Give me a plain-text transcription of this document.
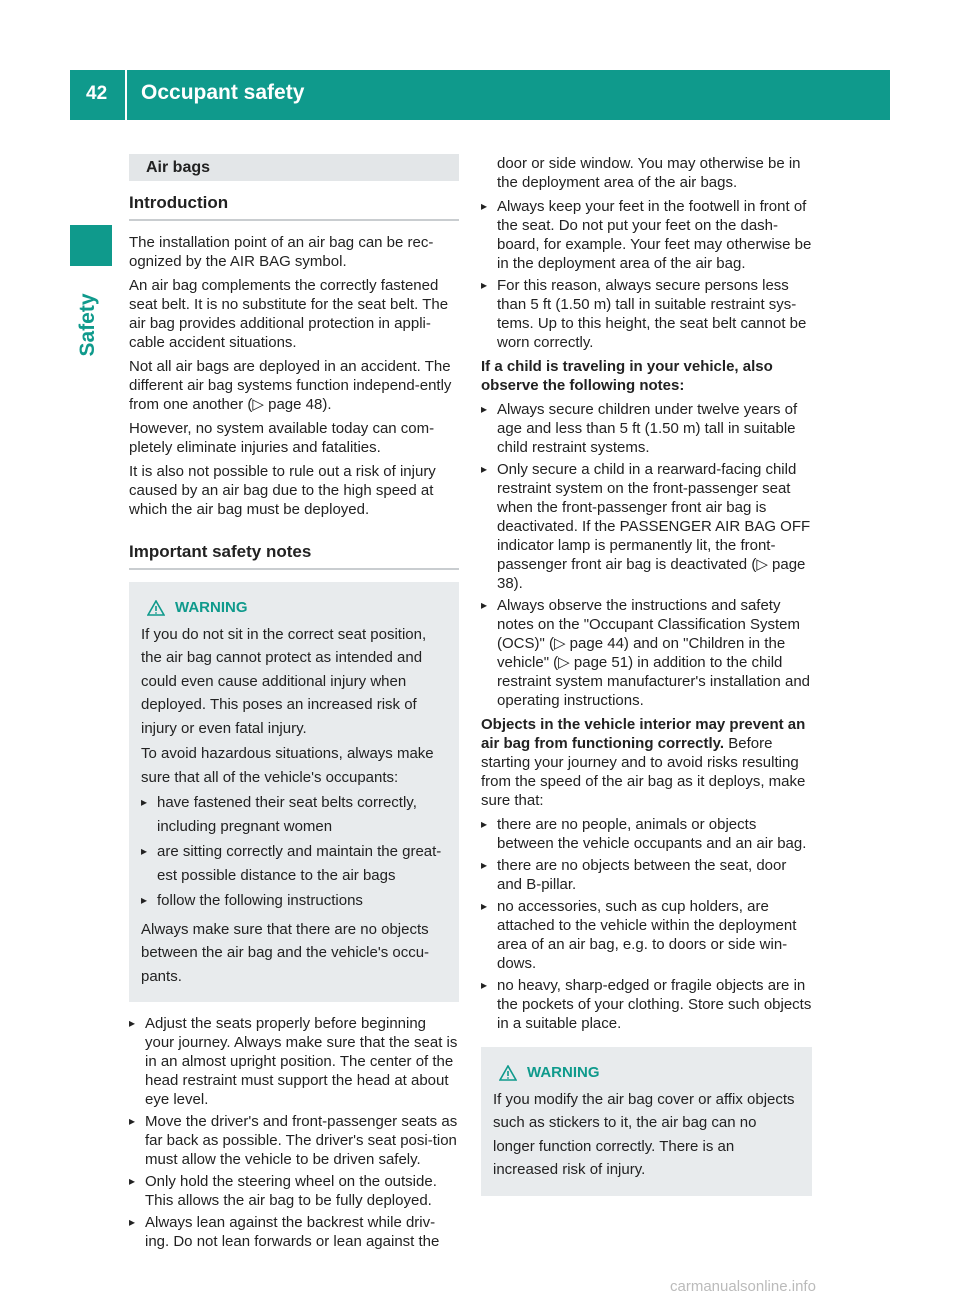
42 Occupant safety
Safety
Air bags
Introduction

The installation point of an air bag can be rec-ognized by the AIR BAG symbol.

An air bag complements the correctly fastened seat belt. It is no substitute for the seat belt. The air bag provides additional protection in appli-cable accident situations.

Not all air bags are deployed in an accident. The different air bag systems function independ-ently from one another (▷ page 48).

However, no system available today can com-pletely eliminate injuries and fatalities.

It is also not possible to rule out a risk of injury caused by an air bag due to the high speed at which the air bag must be deployed.

Important safety notes
WARNING

If you do not sit in the correct seat position, the air bag cannot protect as intended and could even cause additional injury when deployed. This poses an increased risk of injury or even fatal injury.

To avoid hazardous situations, always make sure that all of the vehicle's occupants:

▸ have fastened their seat belts correctly, including pregnant women
▸ are sitting correctly and maintain the great-est possible distance to the air bags
▸ follow the following instructions

Always make sure that there are no objects between the air bag and the vehicle's occu-pants.

▸ Adjust the seats properly before beginning your journey. Always make sure that the seat is in an almost upright position. The center of the head restraint must support the head at about eye level.
▸ Move the driver's and front-passenger seats as far back as possible. The driver's seat posi-tion must allow the vehicle to be driven safely.
▸ Only hold the steering wheel on the outside. This allows the air bag to be fully deployed.
▸ Always lean against the backrest while driv-ing. Do not lean forwards or lean against the

door or side window. You may otherwise be in the deployment area of the air bags.

▸ Always keep your feet in the footwell in front of the seat. Do not put your feet on the dash-board, for example. Your feet may otherwise be in the deployment area of the air bag.
▸ For this reason, always secure persons less than 5 ft (1.50 m) tall in suitable restraint sys-tems. Up to this height, the seat belt cannot be worn correctly.

If a child is traveling in your vehicle, also observe the following notes:

▸ Always secure children under twelve years of age and less than 5 ft (1.50 m) tall in suitable child restraint systems.
▸ Only secure a child in a rearward-facing child restraint system on the front-passenger seat when the front-passenger front air bag is deactivated. If the PASSENGER AIR BAG OFF indicator lamp is permanently lit, the front-passenger front air bag is deactivated (▷ page 38).
▸ Always observe the instructions and safety notes on the "Occupant Classification System (OCS)" (▷ page 44) and on "Children in the vehicle" (▷ page 51) in addition to the child restraint system manufacturer's installation and operating instructions.

Objects in the vehicle interior may prevent an air bag from functioning correctly. Before starting your journey and to avoid risks resulting from the speed of the air bag as it deploys, make sure that:

▸ there are no people, animals or objects between the vehicle occupants and an air bag.
▸ there are no objects between the seat, door and B-pillar.
▸ no accessories, such as cup holders, are attached to the vehicle within the deployment area of an air bag, e.g. to doors or side win-dows.
▸ no heavy, sharp-edged or fragile objects are in the pockets of your clothing. Store such objects in a suitable place.
WARNING

If you modify the air bag cover or affix objects such as stickers to it, the air bag can no longer function correctly. There is an increased risk of injury.

carmanualsonline.info
